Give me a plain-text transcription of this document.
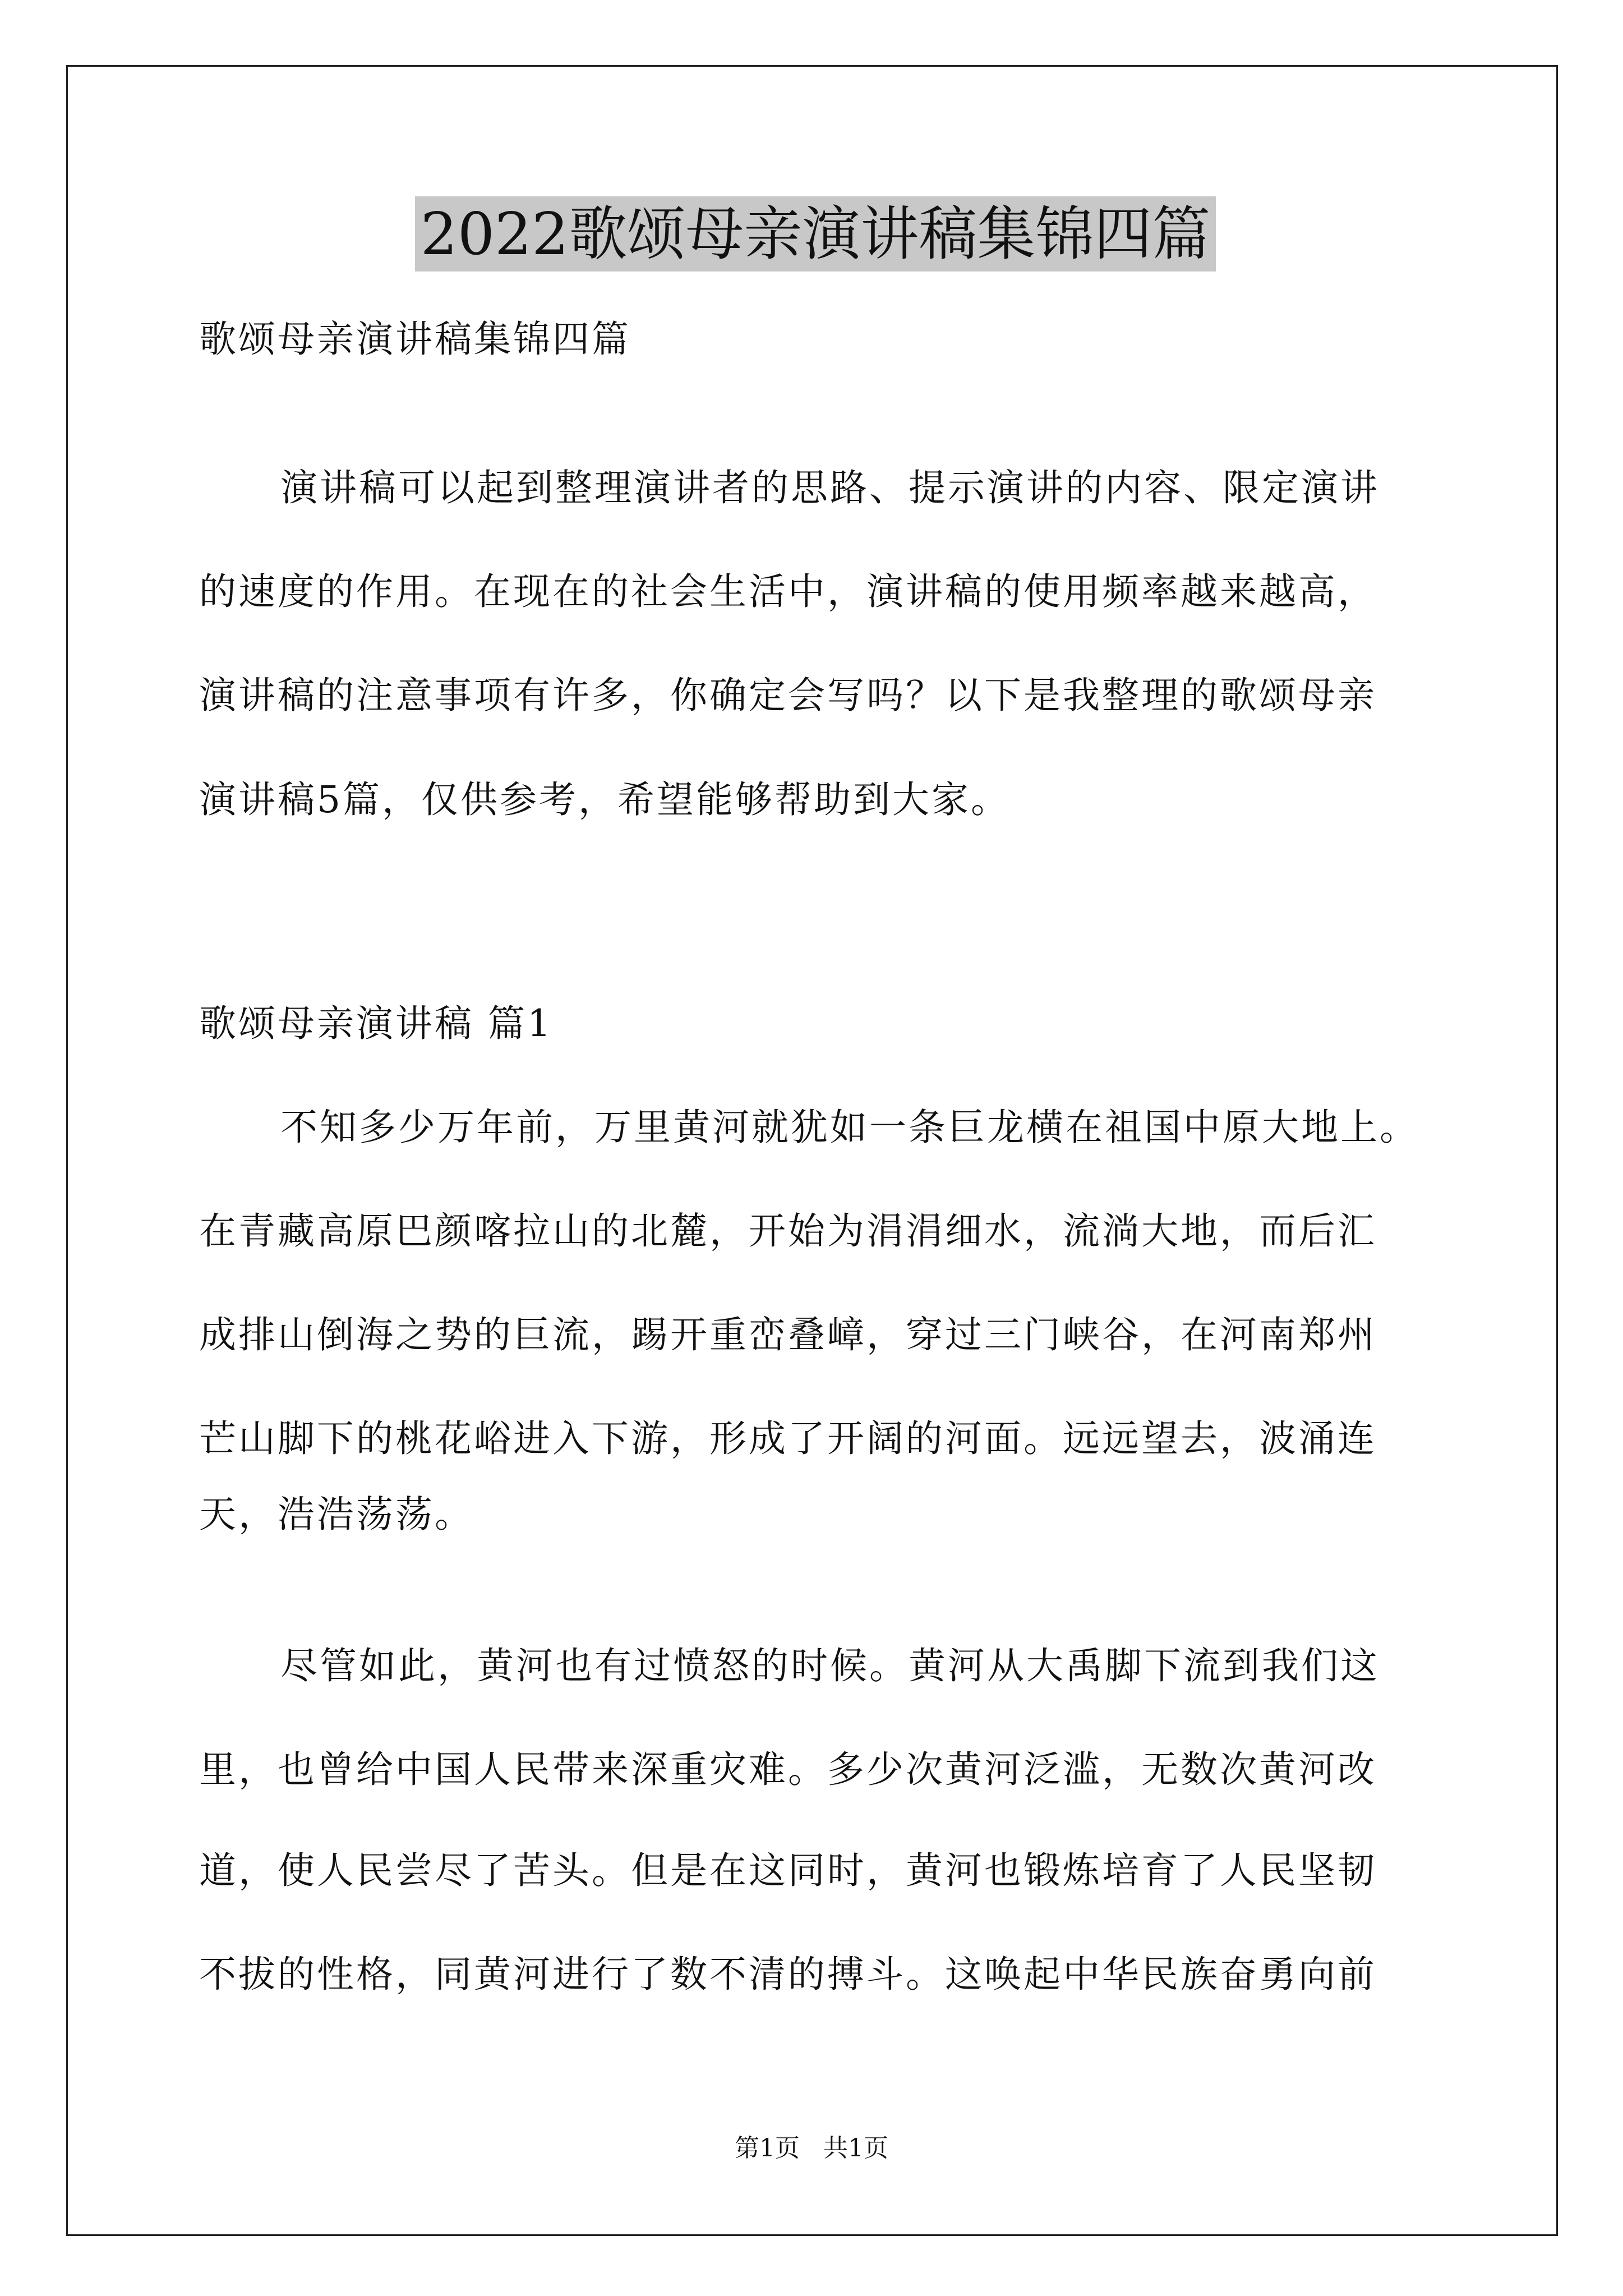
2022歌颂母亲演讲稿集锦四篇
歌颂母亲演讲稿集锦四篇
演讲稿可以起到整理演讲者的思路、提示演讲的内容、限定演讲
的速度的作用。在现在的社会生活中，演讲稿的使用频率越来越高，
演讲稿的注意事项有许多，你确定会写吗？以下是我整理的歌颂母亲
演讲稿5篇，仅供参考，希望能够帮助到大家。
歌颂母亲演讲稿 篇1
不知多少万年前，万里黄河就犹如一条巨龙横在祖国中原大地上。
在青藏高原巴颜喀拉山的北麓，开始为涓涓细水，流淌大地，而后汇
成排山倒海之势的巨流，踢开重峦叠嶂，穿过三门峡谷，在河南郑州
芒山脚下的桃花峪进入下游，形成了开阔的河面。远远望去，波涌连
天，浩浩荡荡。
尽管如此，黄河也有过愤怒的时候。黄河从大禹脚下流到我们这
里，也曾给中国人民带来深重灾难。多少次黄河泛滥，无数次黄河改
道，使人民尝尽了苦头。但是在这同时，黄河也锻炼培育了人民坚韧
不拔的性格，同黄河进行了数不清的搏斗。这唤起中华民族奋勇向前
第1页   共1页
